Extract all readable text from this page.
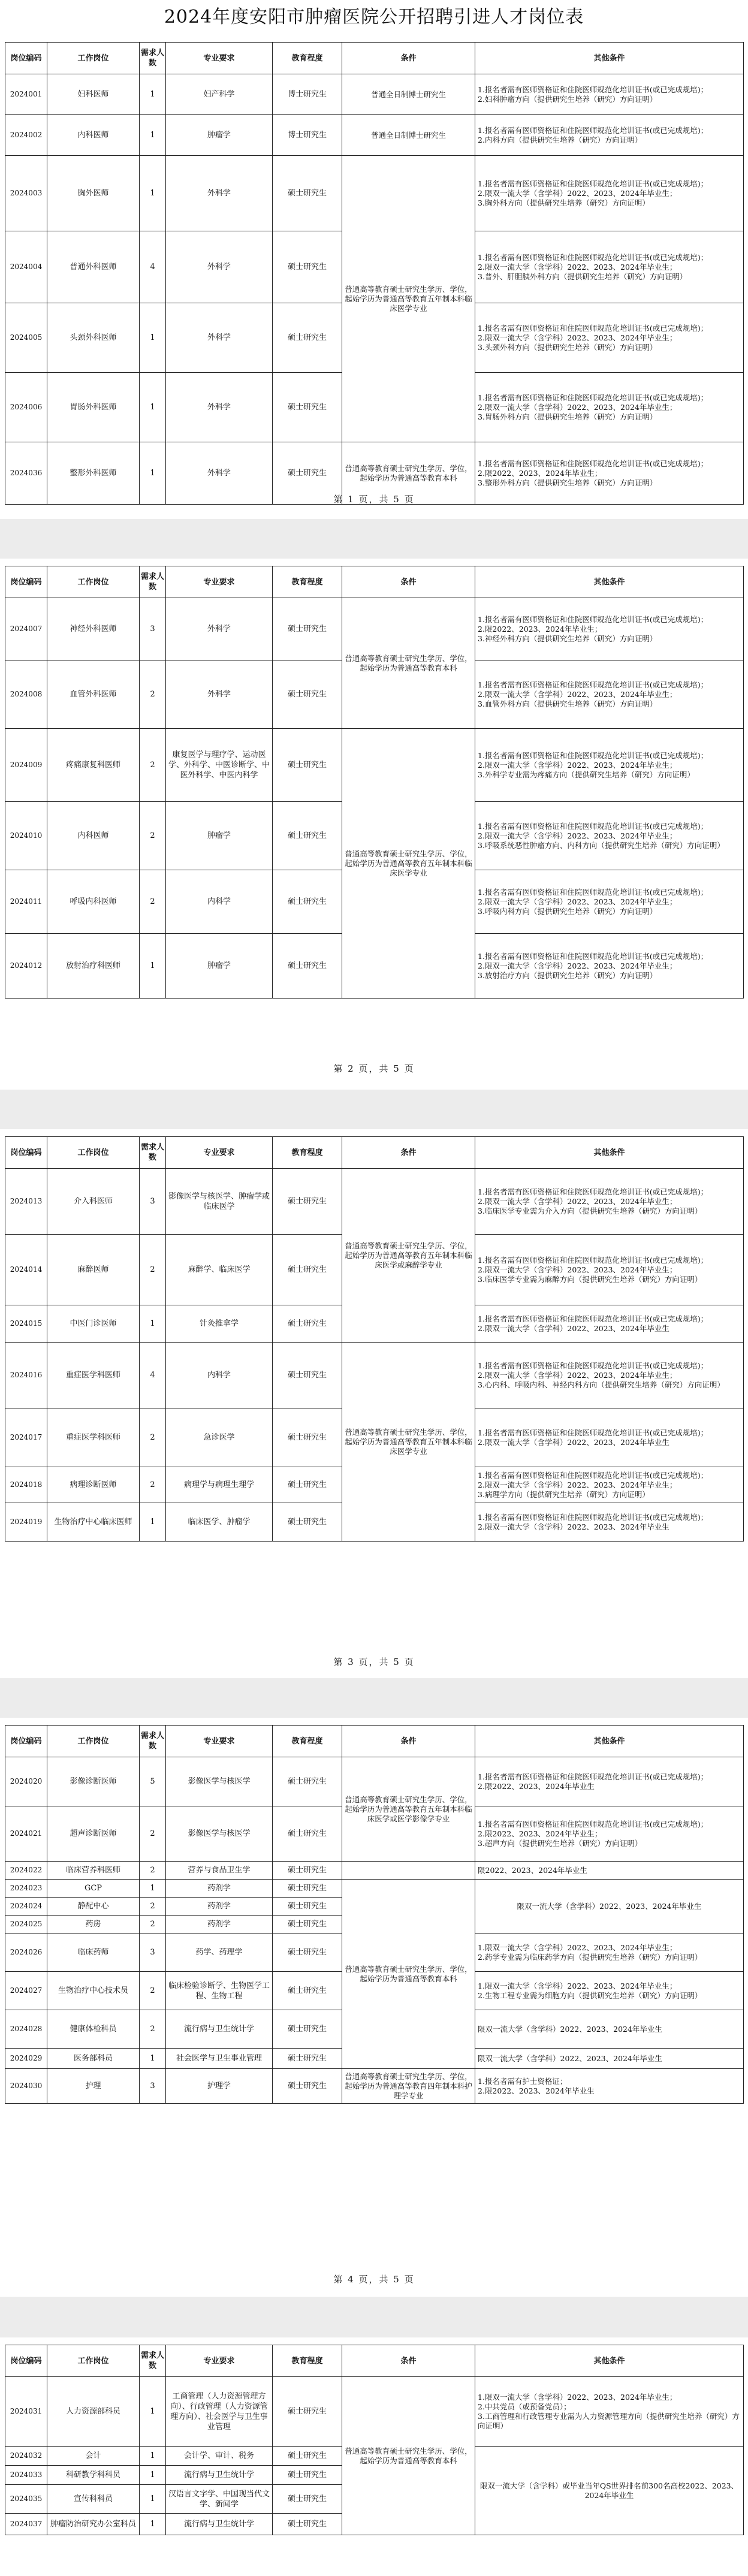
2024年度安阳市肿瘤医院公开招聘引进人才岗位表
岗位编码	工作岗位	需求人数	专业要求	教育程度	条件	其他条件
2024001	妇科医师	1	妇产科学	博士研究生	普通全日制博士研究生	1.报名者需有医师资格证和住院医师规范化培训证书(或已完成规培)；
2.妇科肿瘤方向（提供研究生培养（研究）方向证明）
2024002	内科医师	1	肿瘤学	博士研究生	普通全日制博士研究生	1.报名者需有医师资格证和住院医师规范化培训证书(或已完成规培)；
2.内科方向（提供研究生培养（研究）方向证明）
2024003	胸外医师	1	外科学	硕士研究生	普通高等教育硕士研究生学历、学位，起始学历为普通高等教育五年制本科临床医学专业	1.报名者需有医师资格证和住院医师规范化培训证书(或已完成规培)；
2.限双一流大学（含学科）2022、2023、2024年毕业生；
3.胸外科方向（提供研究生培养（研究）方向证明）
2024004	普通外科医师	4	外科学	硕士研究生		1.报名者需有医师资格证和住院医师规范化培训证书(或已完成规培)；
2.限双一流大学（含学科）2022、2023、2024年毕业生；
3.普外、肝胆胰外科方向（提供研究生培养（研究）方向证明）
2024005	头颈外科医师	1	外科学	硕士研究生		1.报名者需有医师资格证和住院医师规范化培训证书(或已完成规培)；
2.限双一流大学（含学科）2022、2023、2024年毕业生；
3.头颈外科方向（提供研究生培养（研究）方向证明）
2024006	胃肠外科医师	1	外科学	硕士研究生		1.报名者需有医师资格证和住院医师规范化培训证书(或已完成规培)；
2.限双一流大学（含学科）2022、2023、2024年毕业生；
3.胃肠外科方向（提供研究生培养（研究）方向证明）
2024036	整形外科医师	1	外科学	硕士研究生	普通高等教育硕士研究生学历、学位，起始学历为普通高等教育本科	1.报名者需有医师资格证和住院医师规范化培训证书(或已完成规培)；
2.限2022、2023、2024年毕业生；
3.整形外科方向（提供研究生培养（研究）方向证明）
第 1 页，共 5 页
岗位编码	工作岗位	需求人数	专业要求	教育程度	条件	其他条件
2024007	神经外科医师	3	外科学	硕士研究生	普通高等教育硕士研究生学历、学位，起始学历为普通高等教育本科	1.报名者需有医师资格证和住院医师规范化培训证书(或已完成规培)；
2.限2022、2023、2024年毕业生；
3.神经外科方向（提供研究生培养（研究）方向证明）
2024008	血管外科医师	2	外科学	硕士研究生		1.报名者需有医师资格证和住院医师规范化培训证书(或已完成规培)；
2.限双一流大学（含学科）2022、2023、2024年毕业生；
3.血管外科方向（提供研究生培养（研究）方向证明）
2024009	疼痛康复科医师	2	康复医学与理疗学、运动医学、外科学、中医诊断学、中医外科学、中医内科学	硕士研究生	普通高等教育硕士研究生学历、学位，起始学历为普通高等教育五年制本科临床医学专业	1.报名者需有医师资格证和住院医师规范化培训证书(或已完成规培)；
2.限双一流大学（含学科）2022、2023、2024年毕业生；
3.外科学专业需为疼痛方向（提供研究生培养（研究）方向证明）
2024010	内科医师	2	肿瘤学	硕士研究生		1.报名者需有医师资格证和住院医师规范化培训证书(或已完成规培)；
2.限双一流大学（含学科）2022、2023、2024年毕业生；
3.呼吸系统恶性肿瘤方向、内科方向（提供研究生培养（研究）方向证明）
2024011	呼吸内科医师	2	内科学	硕士研究生		1.报名者需有医师资格证和住院医师规范化培训证书(或已完成规培)；
2.限双一流大学（含学科）2022、2023、2024年毕业生；
3.呼吸内科方向（提供研究生培养（研究）方向证明）
2024012	放射治疗科医师	1	肿瘤学	硕士研究生		1.报名者需有医师资格证和住院医师规范化培训证书(或已完成规培)；
2.限双一流大学（含学科）2022、2023、2024年毕业生；
3.放射治疗方向（提供研究生培养（研究）方向证明）
第 2 页，共 5 页
岗位编码	工作岗位	需求人数	专业要求	教育程度	条件	其他条件
2024013	介入科医师	3	影像医学与核医学、肿瘤学或临床医学	硕士研究生	普通高等教育硕士研究生学历、学位，起始学历为普通高等教育五年制本科临床医学或麻醉学专业	1.报名者需有医师资格证和住院医师规范化培训证书(或已完成规培)；
2.限双一流大学（含学科）2022、2023、2024年毕业生；
3.临床医学专业需为介入方向（提供研究生培养（研究）方向证明）
2024014	麻醉医师	2	麻醉学、临床医学	硕士研究生		1.报名者需有医师资格证和住院医师规范化培训证书(或已完成规培)；
2.限双一流大学（含学科）2022、2023、2024年毕业生；
3.临床医学专业需为麻醉方向（提供研究生培养（研究）方向证明）
2024015	中医门诊医师	1	针灸推拿学	硕士研究生		1.报名者需有医师资格证和住院医师规范化培训证书(或已完成规培)；
2.限双一流大学（含学科）2022、2023、2024年毕业生
2024016	重症医学科医师	4	内科学	硕士研究生	普通高等教育硕士研究生学历、学位，起始学历为普通高等教育五年制本科临床医学专业	1.报名者需有医师资格证和住院医师规范化培训证书(或已完成规培)；
2.限双一流大学（含学科）2022、2023、2024年毕业生；
3.心内科、呼吸内科、神经内科方向（提供研究生培养（研究）方向证明）
2024017	重症医学科医师	2	急诊医学	硕士研究生		1.报名者需有医师资格证和住院医师规范化培训证书(或已完成规培)；
2.限双一流大学（含学科）2022、2023、2024年毕业生
2024018	病理诊断医师	2	病理学与病理生理学	硕士研究生		1.报名者需有医师资格证和住院医师规范化培训证书(或已完成规培)；
2.限双一流大学（含学科）2022、2023、2024年毕业生；
3.病理学方向（提供研究生培养（研究）方向证明）
2024019	生物治疗中心临床医师	1	临床医学、肿瘤学	硕士研究生		1.报名者需有医师资格证和住院医师规范化培训证书(或已完成规培)；
2.限双一流大学（含学科）2022、2023、2024年毕业生
第 3 页，共 5 页
岗位编码	工作岗位	需求人数	专业要求	教育程度	条件	其他条件
2024020	影像诊断医师	5	影像医学与核医学	硕士研究生	普通高等教育硕士研究生学历、学位，起始学历为普通高等教育五年制本科临床医学或医学影像学专业	1.报名者需有医师资格证和住院医师规范化培训证书(或已完成规培)；
2.限2022、2023、2024年毕业生
2024021	超声诊断医师	2	影像医学与核医学	硕士研究生		1.报名者需有医师资格证和住院医师规范化培训证书(或已完成规培)；
2.限2022、2023、2024年毕业生；
3.超声方向（提供研究生培养（研究）方向证明）
2024022	临床营养科医师	2	营养与食品卫生学	硕士研究生		限2022、2023、2024年毕业生
2024023	GCP	1	药剂学	硕士研究生	普通高等教育硕士研究生学历、学位，起始学历为普通高等教育本科	限双一流大学（含学科）2022、2023、2024年毕业生
2024024	静配中心	2	药剂学	硕士研究生		
2024025	药房	2	药剂学	硕士研究生		
2024026	临床药师	3	药学、药理学	硕士研究生		1.限双一流大学（含学科）2022、2023、2024年毕业生；
2.药学专业需为临床药学方向（提供研究生培养（研究）方向证明）
2024027	生物治疗中心技术员	2	临床检验诊断学、生物医学工程、生物工程	硕士研究生		1.限双一流大学（含学科）2022、2023、2024年毕业生；
2.生物工程专业需为细胞方向（提供研究生培养（研究）方向证明）
2024028	健康体检科员	2	流行病与卫生统计学	硕士研究生		限双一流大学（含学科）2022、2023、2024年毕业生
2024029	医务部科员	1	社会医学与卫生事业管理	硕士研究生		限双一流大学（含学科）2022、2023、2024年毕业生
2024030	护理	3	护理学	硕士研究生	普通高等教育硕士研究生学历、学位，起始学历为普通高等教育四年制本科护理学专业	1.报名者需有护士资格证；
2.限2022、2023、2024年毕业生
第 4 页，共 5 页
岗位编码	工作岗位	需求人数	专业要求	教育程度	条件	其他条件
2024031	人力资源部科员	1	工商管理（人力资源管理方向）、行政管理（人力资源管理方向）、社会医学与卫生事业管理	硕士研究生	普通高等教育硕士研究生学历、学位，起始学历为普通高等教育本科	1.限双一流大学（含学科）2022、2023、2024年毕业生；
2.中共党员（或预备党员）；
3.工商管理和行政管理专业需为人力资源管理方向（提供研究生培养（研究）方向证明）
2024032	会计	1	会计学、审计、税务	硕士研究生		限双一流大学（含学科）或毕业当年QS世界排名前300名高校2022、2023、2024年毕业生
2024033	科研教学科科员	1	流行病与卫生统计学	硕士研究生		
2024035	宣传科科员	1	汉语言文字学、中国现当代文学、新闻学	硕士研究生		
2024037	肿瘤防治研究办公室科员	1	流行病与卫生统计学	硕士研究生		
